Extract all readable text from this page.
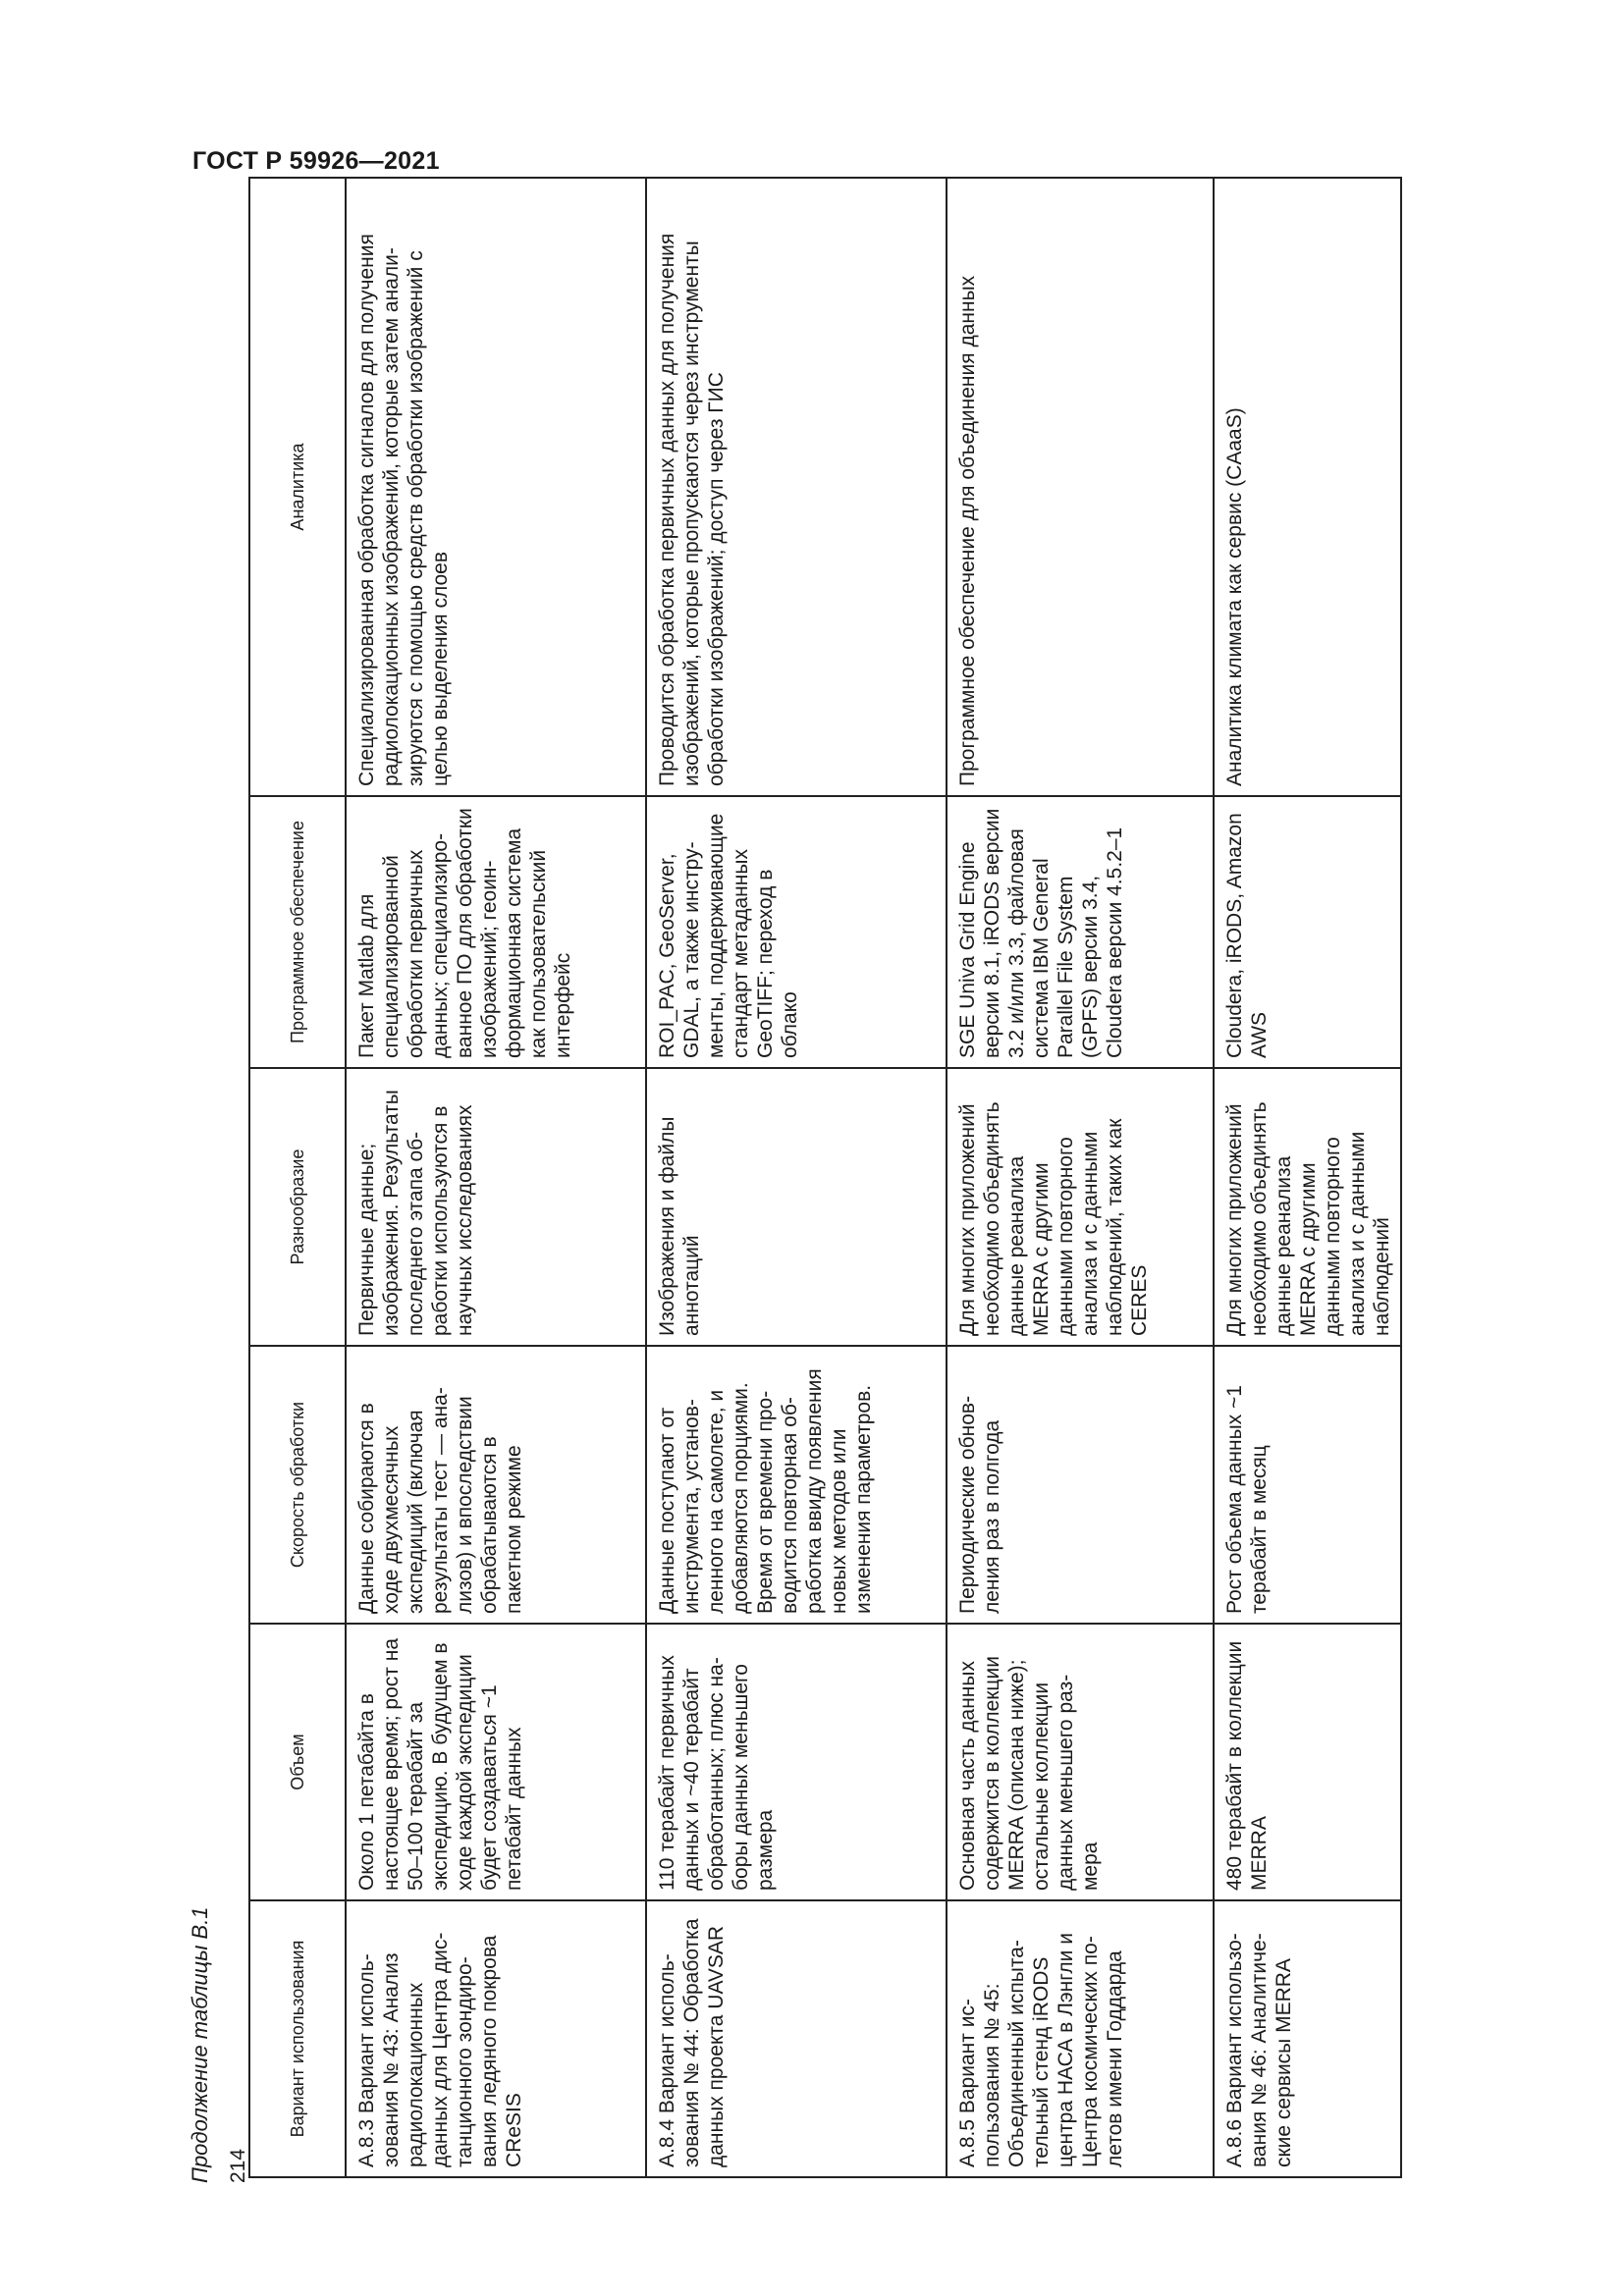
ГОСТ Р 59926—2021
Продолжение таблицы В.1 214
Вариант использования	Объем	Скорость обработки	Разнообразие	Программное обеспечение	Аналитика
А.8.3 Вариант использования № 43: Анализ радиолокационных данных для Центра дистанционного зондирования ледяного покрова CReSIS	Около 1 петабайта в настоящее время; рост на 50–100 терабайт за экспедицию. В будущем в ходе каждой экспедиции будет создаваться ~1 петабайт данных	Данные собираются в ходе двухмесячных экспедиций (включая результаты тест — анализов) и впоследствии обрабатываются в пакетном режиме	Первичные данные; изображения. Результаты последнего этапа обработки используются в научных исследованиях	Пакет Matlab для специализированной обработки первичных данных; специализированное ПО для обработки изображений; геоинформационная система как пользовательский интерфейс	Специализированная обработка сигналов для получения радиолокационных изображений, которые затем анализируются с помощью средств обработки изображений с целью выделения слоев
А.8.4 Вариант использования № 44: Обработка данных проекта UAVSAR	110 терабайт первичных данных и ~40 терабайт обработанных; плюс наборы данных меньшего размера	Данные поступают от инструмента, установленного на самолете, и добавляются порциями. Время от времени проводится повторная обработка ввиду появления новых методов или изменения параметров.	Изображения и файлы аннотаций	ROI_PAC, GeoServer, GDAL, а также инструменты, поддерживающие стандарт метаданных GeoTIFF; переход в облако	Проводится обработка первичных данных для получения изображений, которые пропускаются через инструменты обработки изображений; доступ через ГИС
А.8.5 Вариант использования № 45: Объединенный испытательный стенд iRODS центра НАСА в Лэнгли и Центра космических полетов имени Годдарда	Основная часть данных содержится в коллекции MERRA (описана ниже); остальные коллекции данных меньшего размера	Периодические обновления раз в полгода	Для многих приложений необходимо объединять данные реанализа MERRA с другими данными повторного анализа и с данными наблюдений, таких как CERES	SGE Univa Grid Engine версии 8.1, iRODS версии 3.2 и/или 3.3, файловая система IBM General Parallel File System (GPFS) версии 3.4, Cloudera версии 4.5.2–1	Программное обеспечение для объединения данных
А.8.6 Вариант использования № 46: Аналитические сервисы MERRA	480 терабайт в коллекции MERRA	Рост объема данных ~1 терабайт в месяц	Для многих приложений необходимо объединять данные реанализа MERRA с другими данными повторного анализа и с данными наблюдений	Cloudera, iRODS, Amazon AWS	Аналитика климата как сервис (CAaaS)
